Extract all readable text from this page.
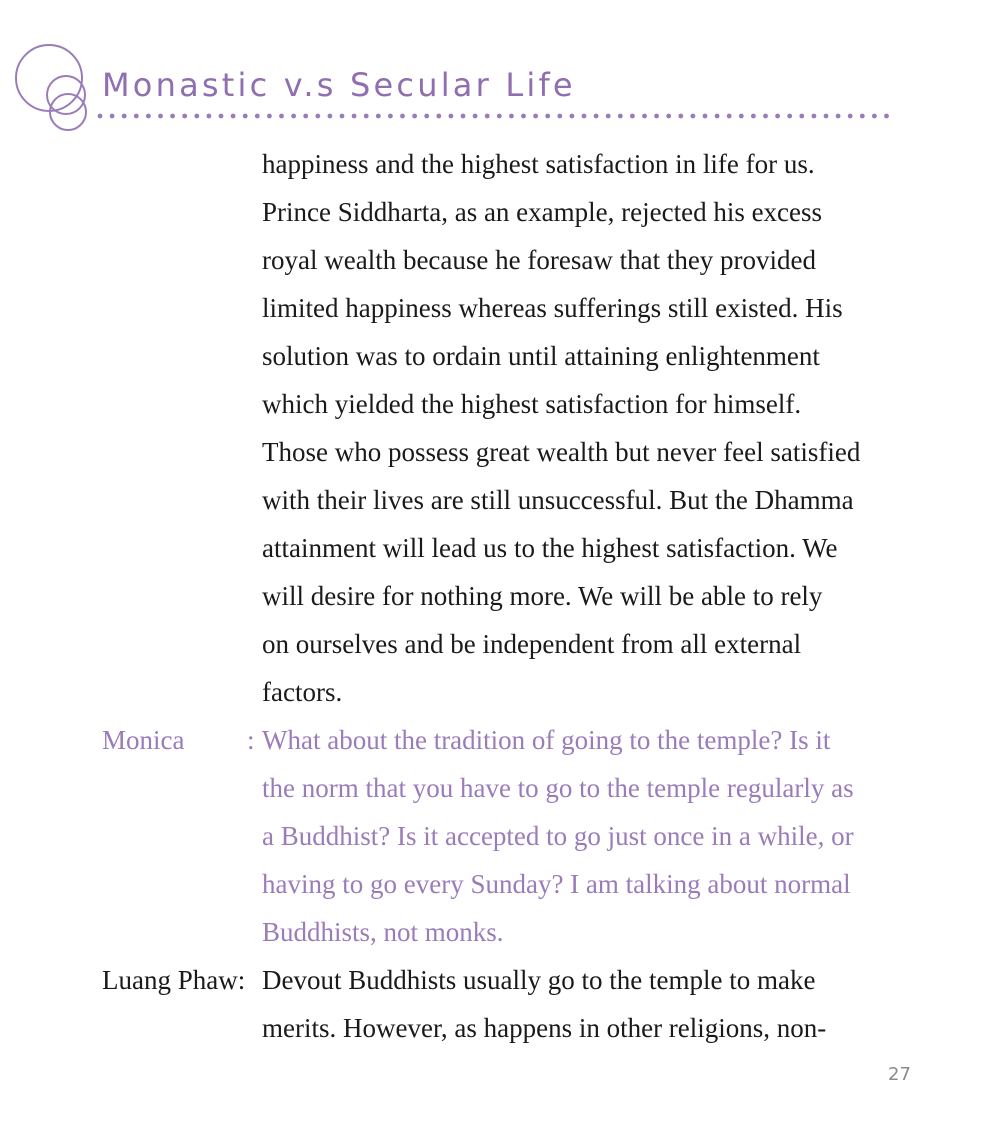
Monastic v.s Secular Life
happiness and the highest satisfaction in life for us.
Prince Siddharta, as an example, rejected his excess
royal wealth because he foresaw that they provided
limited happiness whereas sufferings still existed. His
solution was to ordain until attaining enlightenment
which yielded the highest satisfaction for himself.
Those who possess great wealth but never feel satisfied
with their lives are still unsuccessful. But the Dhamma
attainment will lead us to the highest satisfaction. We
will desire for nothing more. We will be able to rely
on ourselves and be independent from all external
factors.
Monica : What about the tradition of going to the temple? Is it
the norm that you have to go to the temple regularly as
a Buddhist? Is it accepted to go just once in a while, or
having to go every Sunday? I am talking about normal
Buddhists, not monks.
Luang Phaw: Devout Buddhists usually go to the temple to make
merits. However, as happens in other religions, non-
27
